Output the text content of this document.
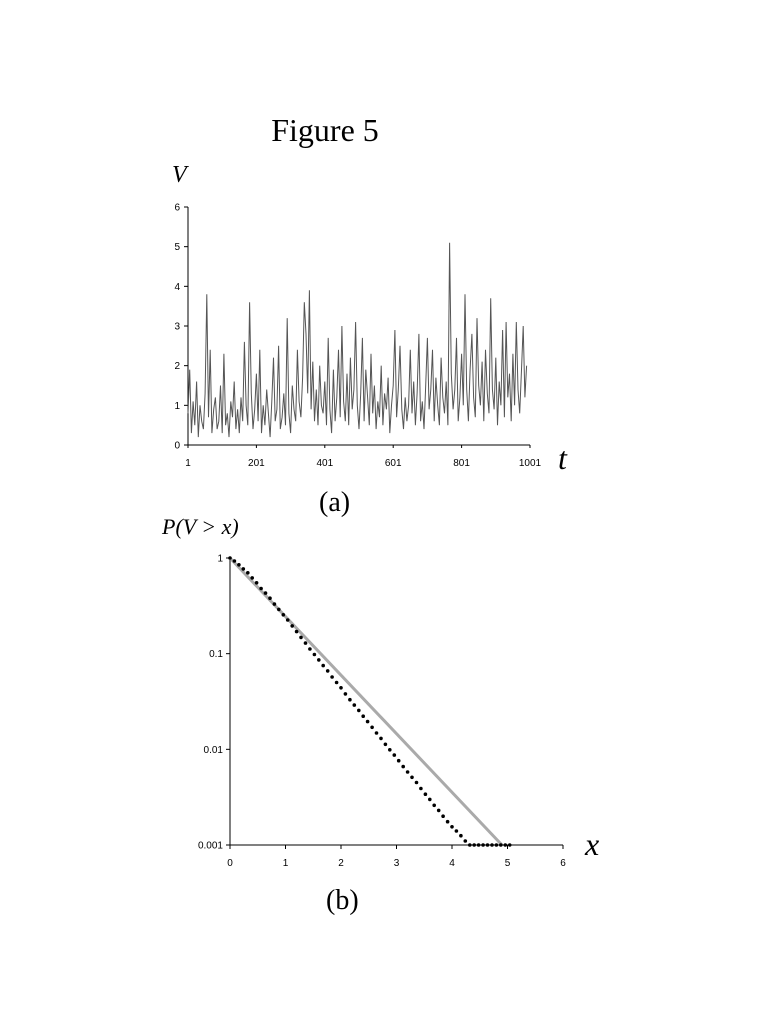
Figure 5
V
t
(a)
P(V > x)
x
(b)
0
1
2
3
4
5
6
1	201	401	601	801	1001
1
0.1
0.01
0.001
0	1	2	3	4	5	6
